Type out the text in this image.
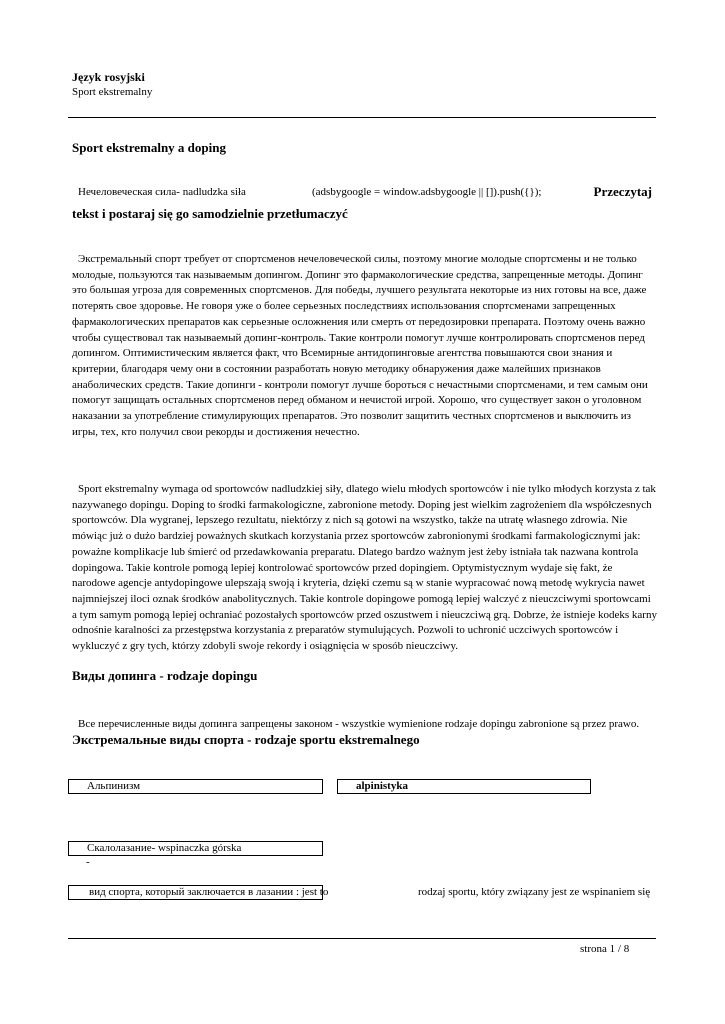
Język rosyjski
Sport ekstremalny
Sport ekstremalny a doping
Нечеловеческая сила- nadludzka siła	(adsbygoogle = window.adsbygoogle || []).push({});	Przeczytaj
tekst i postaraj się go samodzielnie przetłumaczyć
Экстремальный спорт требует от спортсменов нечеловеческой силы, поэтому многие молодые спортсмены и не только молодые, пользуются так называемым допингом. Допинг это фармакологические средства, запрещенные методы. Допинг это большая угроза для современных спортсменов. Для победы, лучшего результата некоторые из них готовы на все, даже потерять свое здоровье. Не говоря уже о более серьезных последствиях использования спортсменами запрещенных фармакологических препаратов как серьезные осложнения или смерть от передозировки препарата. Поэтому очень важно чтобы существовал так называемый допинг-контроль. Такие контроли помогут лучше контролировать спортсменов перед допингом. Оптимистическим является факт, что Всемирные антидопинговые агентства повышаются свои знания и критерии, благодаря чему они в состоянии разработать новую методику обнаружения даже малейших признаков анаболических средств. Такие допинги - контроли помогут лучше бороться с нечастными спортсменами, и тем самым они помогут защищать остальных спортсменов перед обманом и нечистой игрой. Хорошо, что существует закон о уголовном наказании за употребление стимулирующих препаратов. Это позволит защитить честных спортсменов и выключить из игры, тех, кто получил свои рекорды и достижения нечестно.
Sport ekstremalny wymaga od sportowców nadludzkiej siły, dlatego wielu młodych sportowców i nie tylko młodych korzysta z tak nazywanego dopingu. Doping to środki farmakologiczne, zabronione metody. Doping jest wielkim zagrożeniem dla współczesnych sportowców. Dla wygranej, lepszego rezultatu, niektórzy z nich są gotowi na wszystko, także na utratę własnego zdrowia. Nie mówiąc już o dużo bardziej poważnych skutkach korzystania przez sportowców zabronionymi środkami farmakologicznymi jak: poważne komplikacje lub śmierć od przedawkowania preparatu. Dlatego bardzo ważnym jest żeby istniała tak nazwana kontrola dopingowa. Takie kontrole pomogą lepiej kontrolować sportowców przed dopingiem. Optymistycznym wydaje się fakt, że narodowe agencje antydopingowe ulepszają swoją i kryteria, dzięki czemu są w stanie wypracować nową metodę wykrycia nawet najmniejszej iloci oznak środków anabolitycznych. Takie kontrole dopingowe pomogą lepiej walczyć z nieuczciwymi sportowcami a tym samym pomogą lepiej ochraniać pozostałych sportowców przed oszustwem i nieuczciwą grą. Dobrze, że istnieje kodeks karny odnośnie karalności za przestępstwa korzystania z preparatów stymulujących. Pozwoli to uchronić uczciwych sportowców i wykluczyć z gry tych, którzy zdobyli swoje rekordy i osiągnięcia w sposób nieuczciwy.
Виды допинга - rodzaje dopingu
Все перечисленные виды допинга запрещены законом - wszystkie wymienione rodzaje dopingu zabronione są przez prawo. Экстремальные виды спорта - rodzaje sportu ekstremalnego
Альпинизм	alpinistyka
Скалолазание- wspinaczka górska
-
вид спорта, который заключается в лазании : jest to	rodzaj sportu, który związany jest ze wspinaniem się
strona 1 / 8
